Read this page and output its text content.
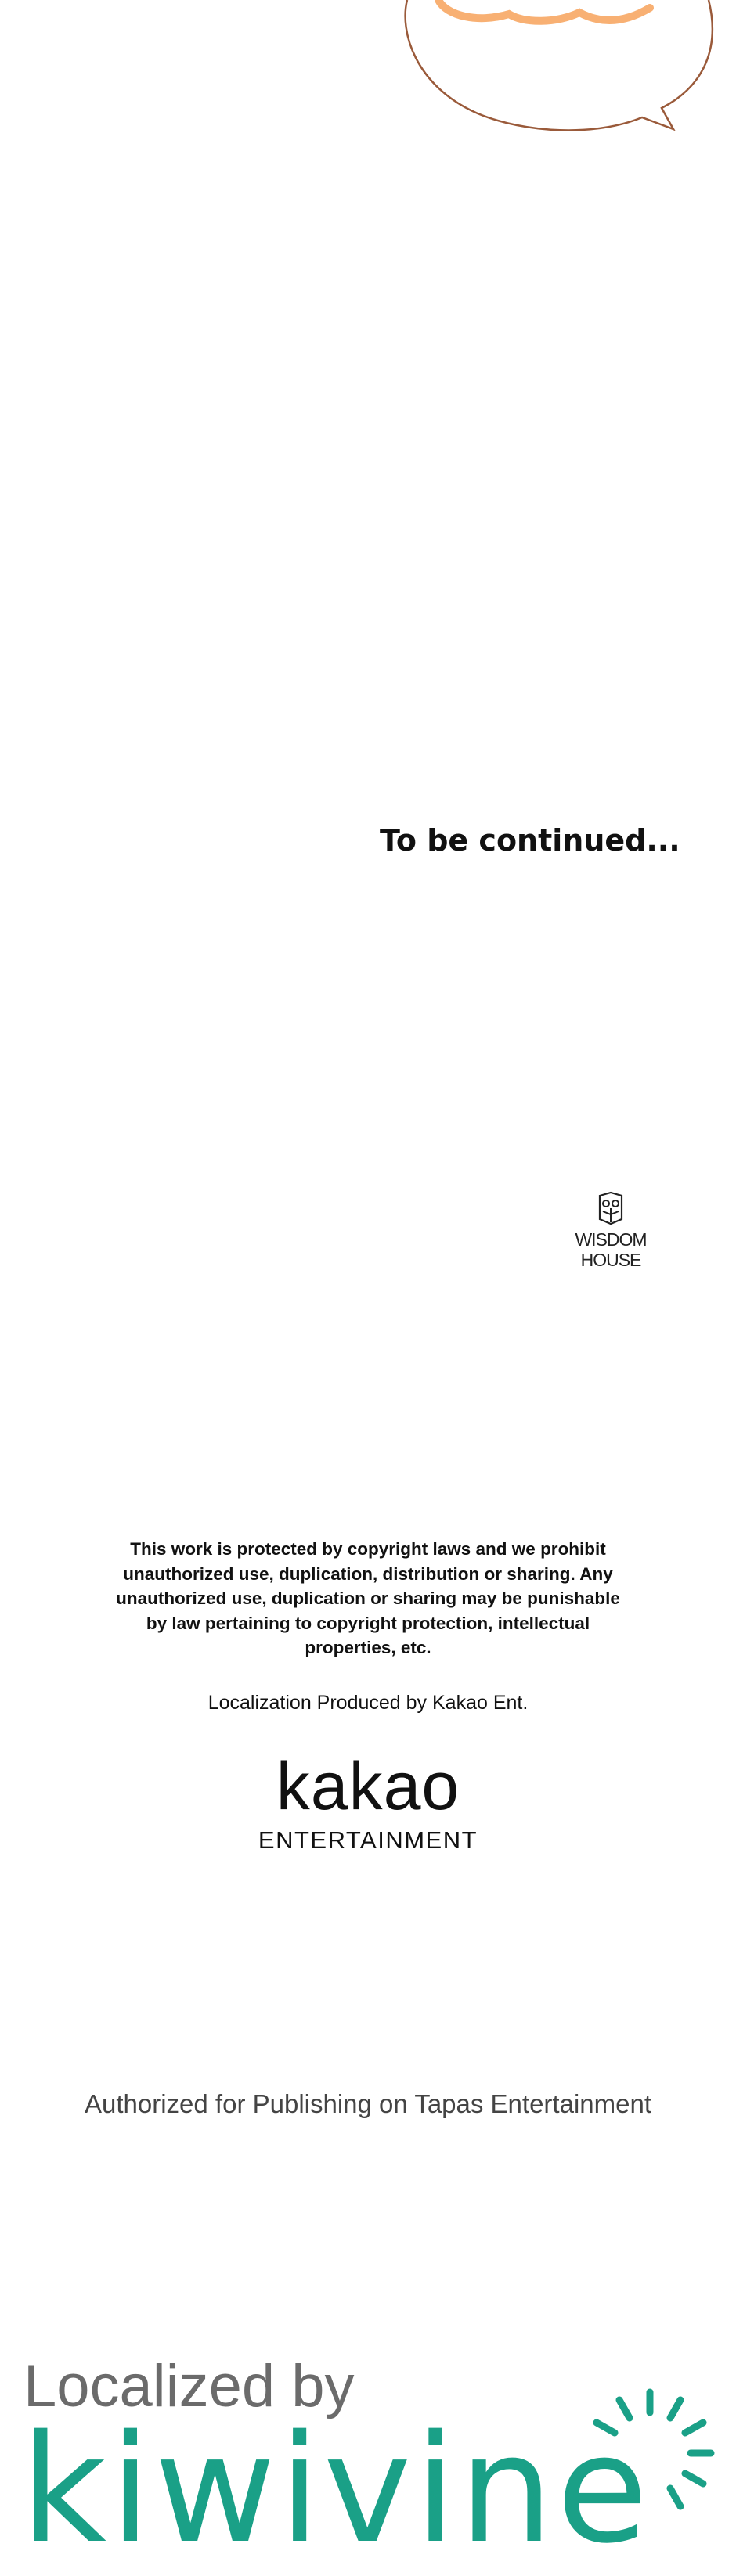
To be continued...
WISDOM
HOUSE
This work is protected by copyright laws and we prohibit unauthorized use, duplication, distribution or sharing. Any unauthorized use, duplication or sharing may be punishable by law pertaining to copyright protection, intellectual properties, etc.
Localization Produced by Kakao Ent.
kakao
ENTERTAINMENT
Authorized for Publishing on Tapas Entertainment
Localized by
kiwivine
